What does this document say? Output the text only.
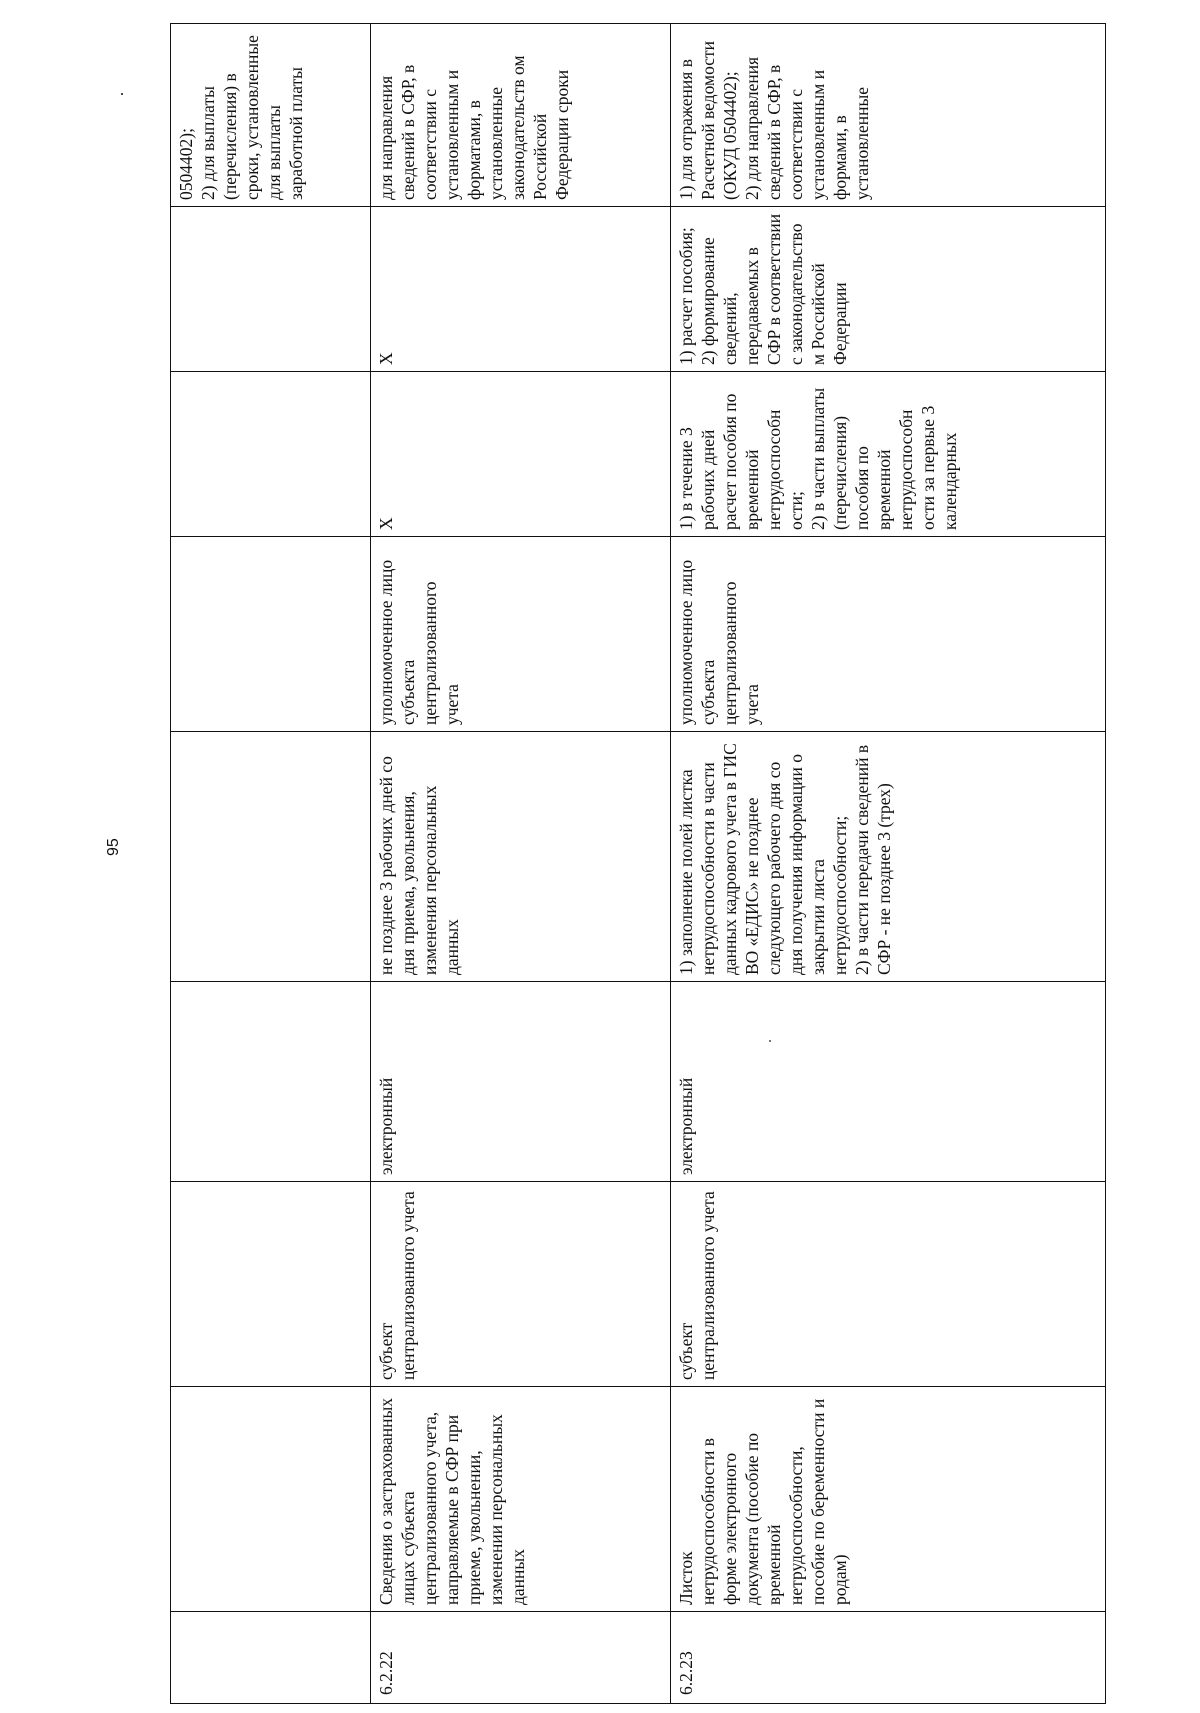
95
								0504402);
2) для выплаты (перечисления) в сроки, установленные для выплаты заработной платы
6.2.22	Сведения о застрахованных лицах субъекта централизованного учета, направляемые в СФР при приеме, увольнении, изменении персональных данных	субъект централизованного учета	электронный	не позднее 3 рабочих дней со дня приема, увольнения, изменения персональных данных	уполномоченное лицо субъекта централизованного учета	X	X	для направления сведений в СФР, в соответствии с установленным и форматами, в установленные законодательств ом Российской Федерации сроки
6.2.23	Листок нетрудоспособности в форме электронного документа (пособие по временной нетрудоспособности, пособие по беременности и родам)	субъект централизованного учета	электронный	1) заполнение полей листка нетрудоспособности в части данных кадрового учета в ГИС ВО «ЕДИС» не позднее следующего рабочего дня со дня получения информации о закрытии листа нетрудоспособности;
2) в части передачи сведений в СФР - не позднее 3 (трех)	уполномоченное лицо субъекта централизованного учета	1) в течение 3 рабочих дней расчет пособия по временной нетрудоспособн ости;
2) в части выплаты (перечисления) пособия по временной нетрудоспособн ости за первые 3 календарных	1) расчет пособия;
2) формирование сведений, передаваемых в СФР в соответствии с законодательство м Российской Федерации	1) для отражения в Расчетной ведомости (ОКУД 0504402);
2) для направления сведений в СФР, в соответствии с установленным и формами, в установленные
